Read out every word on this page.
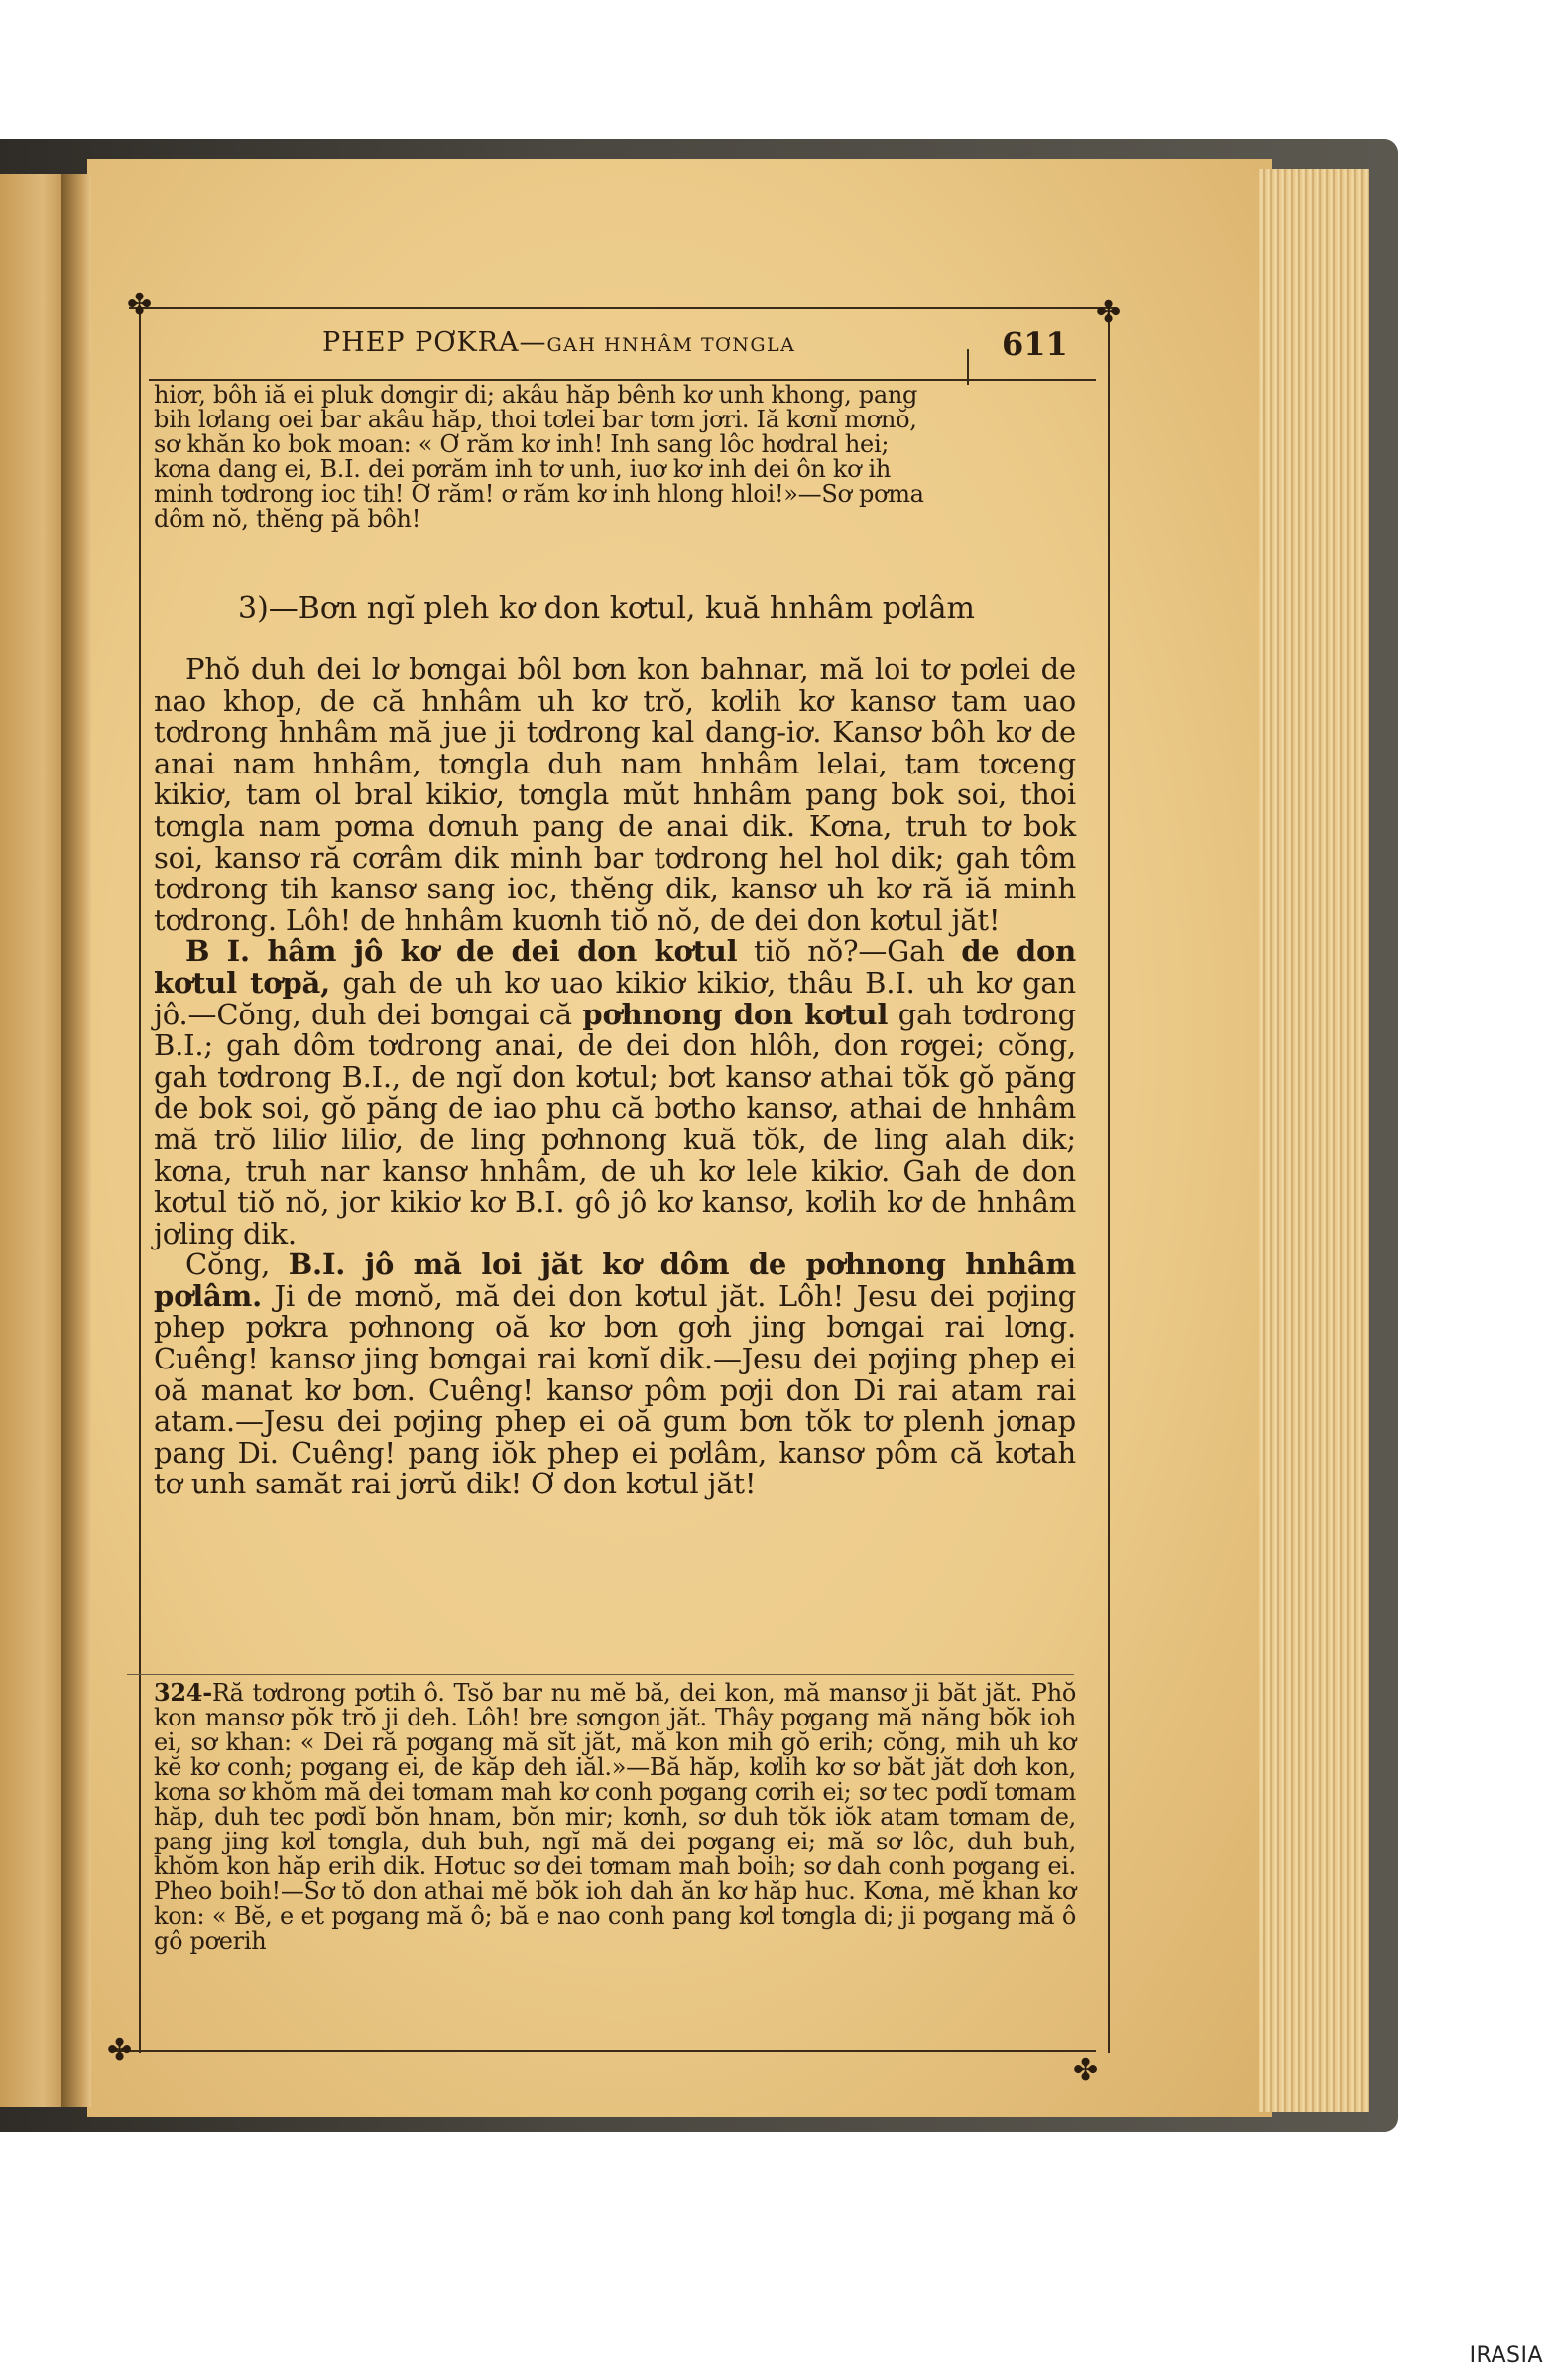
✤	✤
✤
✤
PHEP PƠKRA—GAH HNHÂM TƠNGLA	611
hiơr, bôh iă ei pluk dơngir di; akâu hăp bênh kơ unh khong, pang
bih lơlang oei bar akâu hăp, thoi tơlei bar tơm jơri. Iă kơnĭ mơnŏ,
sơ khăn ko bok moan: « Ơ răm kơ inh! Inh sang lôc hơdral hei;
kơna dang ei, B.I. dei pơrăm inh tơ unh, iuơ kơ inh dei ôn kơ ih
minh tơdrong ioc tih! Ơ răm! ơ răm kơ inh hlong hloi!»—Sơ pơma
dôm nŏ, thĕng pă bôh!
3)—Bơn ngĭ pleh kơ don kơtul, kuă hnhâm pơlâm

Phŏ duh dei lơ bơngai bôl bơn kon bahnar, mă loi tơ pơlei de nao khop, de că hnhâm uh kơ trŏ, kơlih kơ kansơ tam uao tơdrong hnhâm mă jue ji tơdrong kal dang-iơ. Kansơ bôh kơ de anai nam hnhâm, tơngla duh nam hnhâm lelai, tam tơceng kikiơ, tam ol bral kikiơ, tơngla mŭt hnhâm pang bok soi, thoi tơngla nam pơma dơnuh pang de anai dik. Kơna, truh tơ bok soi, kansơ ră cơrâm dik minh bar tơdrong hel hol dik; gah tôm tơdrong tih kansơ sang ioc, thĕng dik, kansơ uh kơ ră iă minh tơdrong. Lôh! de hnhâm kuơnh tiŏ nŏ, de dei don kơtul jăt!

B I. hâm jô kơ de dei don kơtul tiŏ nŏ?—Gah de don kơtul tơpă, gah de uh kơ uao kikiơ kikiơ, thâu B.I. uh kơ gan jô.—Cŏng, duh dei bơngai că pơhnong don kơtul gah tơdrong B.I.; gah dôm tơdrong anai, de dei don hlôh, don rơgei; cŏng, gah tơdrong B.I., de ngĭ don kơtul; bơt kansơ athai tŏk gŏ păng de bok soi, gŏ păng de iao phu că bơtho kansơ, athai de hnhâm mă trŏ liliơ liliơ, de ling pơhnong kuă tŏk, de ling alah dik; kơna, truh nar kansơ hnhâm, de uh kơ lele kikiơ. Gah de don kơtul tiŏ nŏ, jor kikiơ kơ B.I. gô jô kơ kansơ, kơlih kơ de hnhâm jơling dik.

Cŏng, B.I. jô mă loi jăt kơ dôm de pơhnong hnhâm pơlâm. Ji de mơnŏ, mă dei don kơtul jăt. Lôh! Jesu dei pơjing phep pơkra pơhnong oă kơ bơn gơh jing bơngai rai lơng. Cuêng! kansơ jing bơngai rai kơnĭ dik.—Jesu dei pơjing phep ei oă manat kơ bơn. Cuêng! kansơ pôm pơji don Di rai atam rai atam.—Jesu dei pơjing phep ei oă gum bơn tŏk tơ plenh jơnap pang Di. Cuêng! pang iŏk phep ei pơlâm, kansơ pôm că kơtah tơ unh samăt rai jơrŭ dik! Ơ don kơtul jăt!

324-Ră tơdrong pơtih ô. Tsŏ bar nu mĕ bă, dei kon, mă mansơ ji băt jăt. Phŏ kon mansơ pŏk trŏ ji deh. Lôh! bre sơngon jăt. Thây pơgang mă năng bŏk ioh ei, sơ khan: « Dei ră pơgang mă sĭt jăt, mă kon mih gŏ erih; cŏng, mih uh kơ kĕ kơ conh; pơgang ei, de kăp deh iăl.»—Bă hăp, kơlih kơ sơ băt jăt dơh kon, kơna sơ khŏm mă dei tơmam mah kơ conh pơgang cơrih ei; sơ tec pơdĭ tơmam hăp, duh tec pơdĭ bŏn hnam, bŏn mir; kơnh, sơ duh tŏk iŏk atam tơmam de, pang jing kơl tơngla, duh buh, ngĭ mă dei pơgang ei; mă sơ lôc, duh buh, khŏm kon hăp erih dik. Hơtuc sơ dei tơmam mah boih; sơ dah conh pơgang ei. Pheo boih!—Sơ tŏ don athai mĕ bŏk ioh dah ăn kơ hăp huc. Kơna, mĕ khan kơ kon: « Bĕ, e et pơgang mă ô; bă e nao conh pang kơl tơngla di; ji pơgang mă ô gô pơerih

IRASIA
